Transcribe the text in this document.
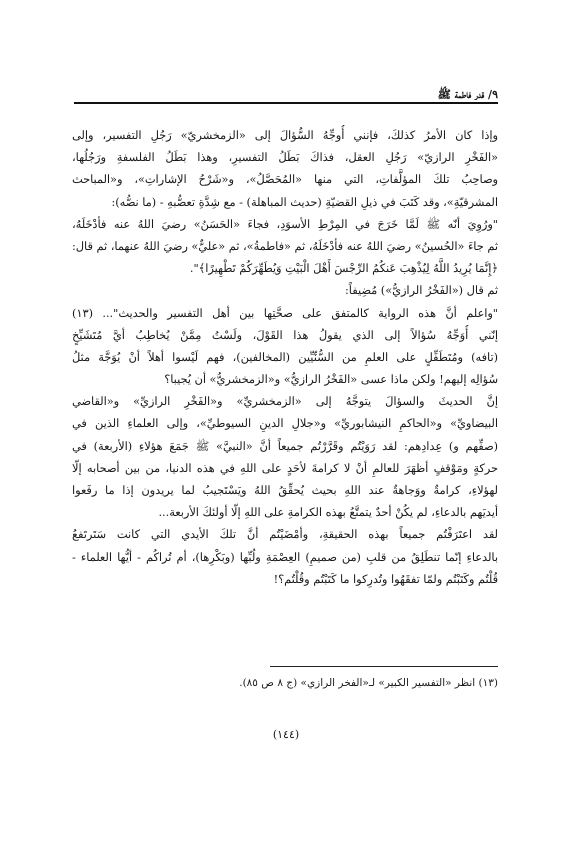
٩/ قدر فاطمة ﷺ
وإذا كان الأمرُ كذلكَ، فإنني أُوجِّهُ السُّؤالَ إلى «الزمخشريّ» رَجُلِ التفسير، وإلى
«الفَخْرِ الرازيّ» رَجُلِ العقل، فذاكَ بَطَلُ التفسيرِ، وهذا بَطَلُ الفلسفةِ ورَجُلُها،
وصاحِبُ تلكَ المؤلَّفاتِ، التي منها «المُحَصَّلُ»، و«شَرْحُ الإشاراتِ»، و«المباحث
المشرقيّةِ»، وقد كَتَبَ في ذيلِ القضيّةِ (حديث المباهلة) - مع شِدَّةِ تعصُّبهِ - (ما نصُّه):
"ورُوِيَ أنّه ﷺ لَمَّا خَرَجَ في المِرْطِ الأسوَدِ، فجاءَ «الحَسَنُ» رضيَ اللهُ عنه فأدْخَلَهُ،
ثم جاءَ «الحُسينُ» رضيَ اللهُ عنه فأدْخَلَهُ، ثم «فاطمةُ»، ثم «عليٌّ» رضيَ اللهُ عنهما، ثم قال:
﴿إِنَّمَا يُرِيدُ اللَّهُ لِيُذْهِبَ عَنكُمُ الرِّجْسَ أَهْلَ الْبَيْتِ وَيُطَهِّرَكُمْ تَطْهِيرًا﴾".
ثم قال («الفَخْرُ الرازيُّ») مُضِيفاً:
"واعلم أنَّ هذه الرواية كالمتفق على صحَّتِها بين أهل التفسير والحديث"... (١٣)
إنّني أُوَجِّهُ سُؤالاً إلى الذي يقولُ هذا القَوْلَ، ولَسْتُ مِمَّنْ يُخاطِبُ أيَّ مُتَشَيِّخٍ
(تافه) ومُتَطَفِّلٍ على العلمِ من السُّنِّيِّين (المخالفين)، فهم لَيْسوا أهلاً أنْ يُوَجَّهَ مثلُ
سُؤالِه إليهم! ولكن ماذا عسى «الفَخْرُ الرازيُّ» و«الزمخشريُّ» أن يُجيبا؟
إنَّ الحديثَ والسؤالَ يتوجَّهُ إلى «الزمخشريِّ» و«الفَخْرِ الرازيِّ» و«القاضي
البيضاويِّ» و«الحاكمِ النيشابوريِّ» و«جلالِ الدينِ السيوطيِّ»، وإلى العلماءِ الذين في
(صفِّهم و) عِدادِهم: لقد رَوَيْتُم وقَرَّرْتُم جميعاً أنَّ «النبيَّ» ﷺ جَمَعَ هؤلاءِ (الأربعة) في
حركةٍ ومَوْقفٍ أظهَرَ للعالمِ أنْ لا كرامةَ لأحَدٍ على اللهِ في هذه الدنيا، من بين أصحابه إلّا
لهؤلاءِ، كرامةٌ ووَجاهةٌ عند اللهِ بحيث يُحقِّقُ اللهُ ويَسْتَجيبُ لما يريدون إذا ما رفَعوا
أيديَهم بالدعاءِ، لم يكُنْ أحدٌ يتمتَّعُ بهذه الكرامةِ على اللهِ إلّا أولئكَ الأربعة...
لقد اعتَرَفْتُم جميعاً بهذه الحقيقةِ، وأمْضَيْتُم أنَّ تلكَ الأيدي التي كانت سَتَرتَفعُ
بالدعاءِ إنّما تنطَلِقُ من قلبِ (من صميمِ) العِصْمَةِ ولُبِّها (وبَكْرِها)، أم تُراكُم - أيُّها العلماء -
قُلْتُم وكَتَبْتُم ولمّا تفقَهُوا وتُدرِكوا ما كَتَبْتُم وقُلْتُم؟!
(١٣) انظر «التفسير الكبير» لـ«الفخر الرازي» (ج ٨ ص ٨٥).
(١٤٤)
